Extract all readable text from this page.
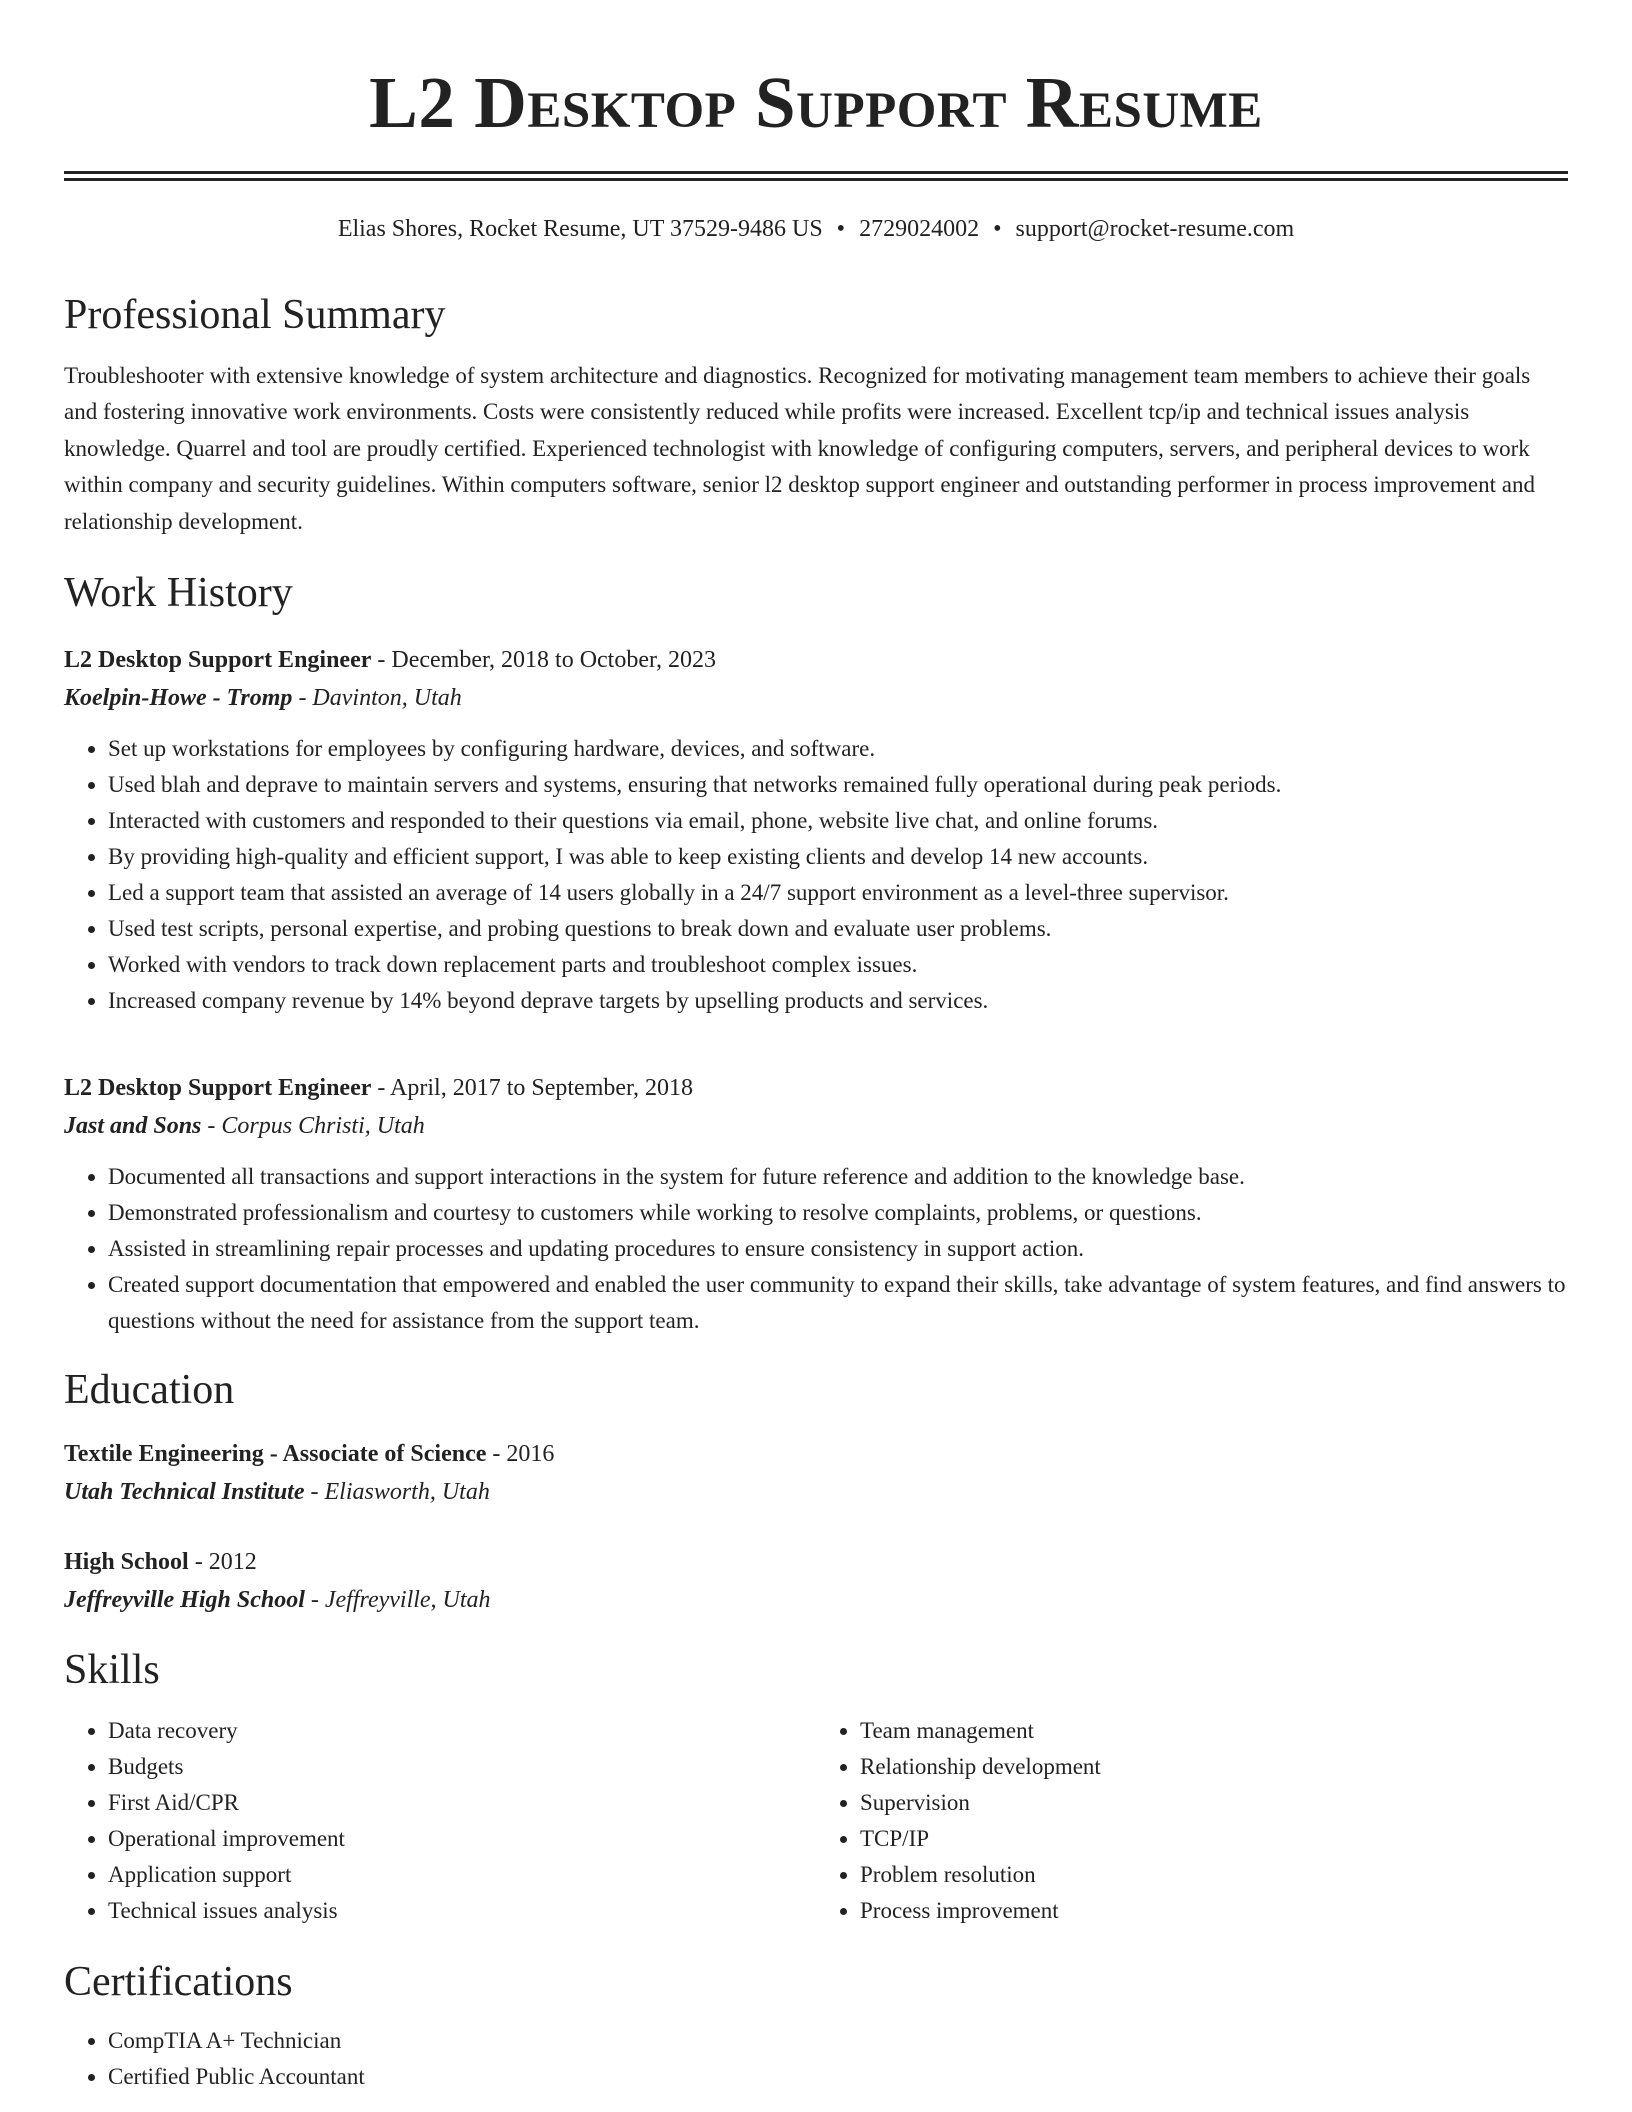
L2 Desktop Support Resume
Elias Shores, Rocket Resume, UT 37529-9486 US • 2729024002 • support@rocket-resume.com
Professional Summary
Troubleshooter with extensive knowledge of system architecture and diagnostics. Recognized for motivating management team members to achieve their goals and fostering innovative work environments. Costs were consistently reduced while profits were increased. Excellent tcp/ip and technical issues analysis knowledge. Quarrel and tool are proudly certified. Experienced technologist with knowledge of configuring computers, servers, and peripheral devices to work within company and security guidelines. Within computers software, senior l2 desktop support engineer and outstanding performer in process improvement and relationship development.
Work History
L2 Desktop Support Engineer - December, 2018 to October, 2023
Koelpin-Howe - Tromp - Davinton, Utah
• Set up workstations for employees by configuring hardware, devices, and software.
• Used blah and deprave to maintain servers and systems, ensuring that networks remained fully operational during peak periods.
• Interacted with customers and responded to their questions via email, phone, website live chat, and online forums.
• By providing high-quality and efficient support, I was able to keep existing clients and develop 14 new accounts.
• Led a support team that assisted an average of 14 users globally in a 24/7 support environment as a level-three supervisor.
• Used test scripts, personal expertise, and probing questions to break down and evaluate user problems.
• Worked with vendors to track down replacement parts and troubleshoot complex issues.
• Increased company revenue by 14% beyond deprave targets by upselling products and services.
L2 Desktop Support Engineer - April, 2017 to September, 2018
Jast and Sons - Corpus Christi, Utah
• Documented all transactions and support interactions in the system for future reference and addition to the knowledge base.
• Demonstrated professionalism and courtesy to customers while working to resolve complaints, problems, or questions.
• Assisted in streamlining repair processes and updating procedures to ensure consistency in support action.
• Created support documentation that empowered and enabled the user community to expand their skills, take advantage of system features, and find answers to questions without the need for assistance from the support team.
Education
Textile Engineering - Associate of Science - 2016
Utah Technical Institute - Eliasworth, Utah
High School - 2012
Jeffreyville High School - Jeffreyville, Utah
Skills
• Data recovery
• Budgets
• First Aid/CPR
• Operational improvement
• Application support
• Technical issues analysis
• Team management
• Relationship development
• Supervision
• TCP/IP
• Problem resolution
• Process improvement
Certifications
• CompTIA A+ Technician
• Certified Public Accountant
